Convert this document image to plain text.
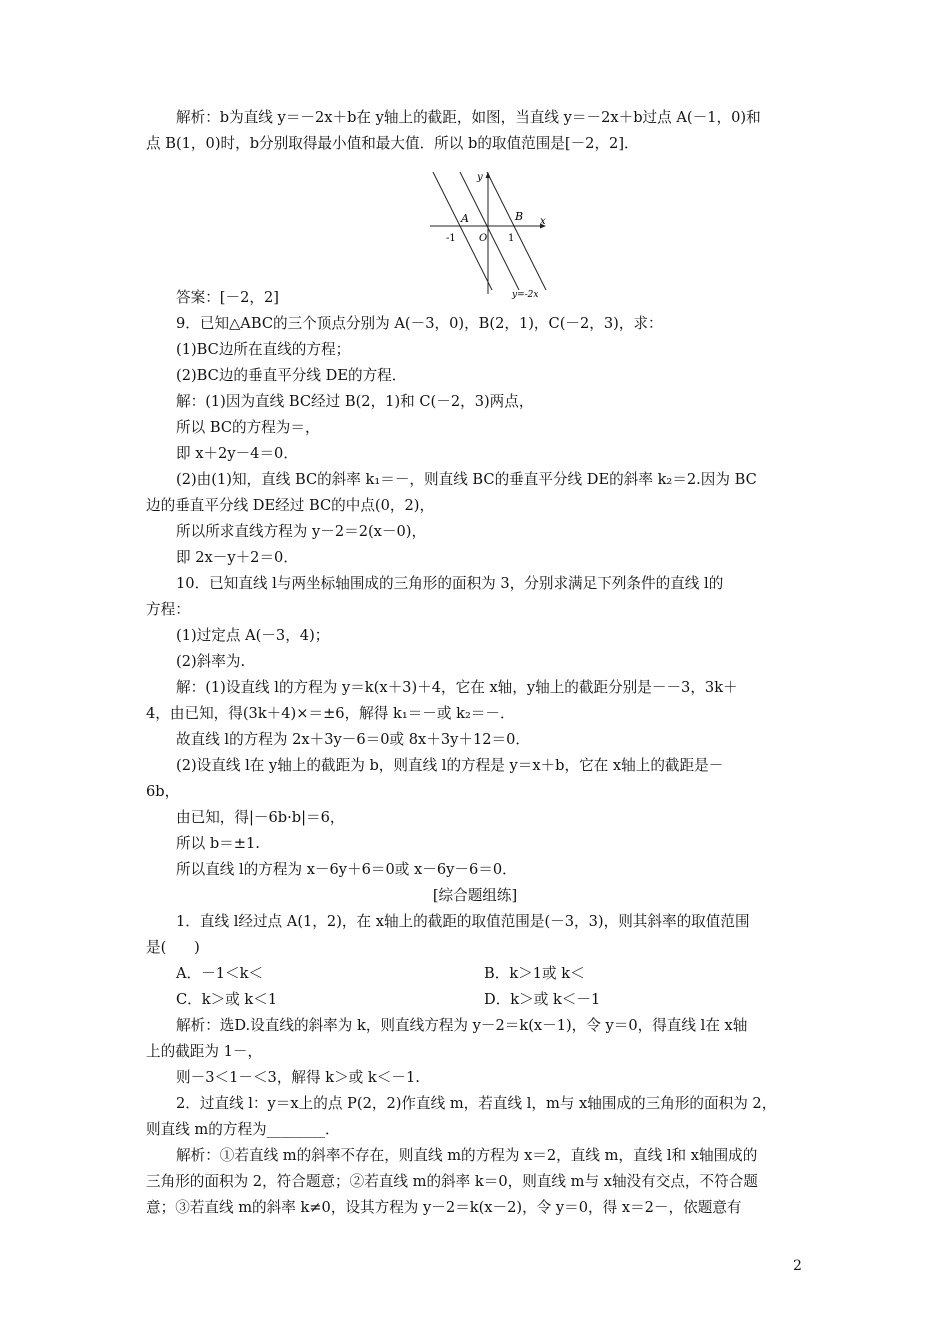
解析：b为直线 y＝－2x＋b在 y轴上的截距，如图，当直线 y＝－2x＋b过点 A(－1，0)和
点 B(1，0)时，b分别取得最小值和最大值．所以 b的取值范围是[－2，2]．
答案：[－2，2]
9．已知△ABC的三个顶点分别为 A(－3，0)，B(2，1)，C(－2，3)，求：
(1)BC边所在直线的方程；
(2)BC边的垂直平分线 DE的方程．
解：(1)因为直线 BC经过 B(2，1)和 C(－2，3)两点，
所以 BC的方程为＝，
即 x＋2y－4＝0．
(2)由(1)知，直线 BC的斜率 k₁＝－，则直线 BC的垂直平分线 DE的斜率 k₂＝2.因为 BC
边的垂直平分线 DE经过 BC的中点(0，2)，
所以所求直线方程为 y－2＝2(x－0)，
即 2x－y＋2＝0．
10．已知直线 l与两坐标轴围成的三角形的面积为 3，分别求满足下列条件的直线 l的
方程：
(1)过定点 A(－3，4)；
(2)斜率为.
解：(1)设直线 l的方程为 y＝k(x＋3)＋4，它在 x轴，y轴上的截距分别是－－3，3k＋
4，由已知，得(3k＋4)×＝±6，解得 k₁＝－或 k₂＝－．
故直线 l的方程为 2x＋3y－6＝0或 8x＋3y＋12＝0．
(2)设直线 l在 y轴上的截距为 b，则直线 l的方程是 y＝x＋b，它在 x轴上的截距是－
6b，
由已知，得|－6b·b|＝6，
所以 b＝±1.
所以直线 l的方程为 x－6y＋6＝0或 x－6y－6＝0．
[综合题组练]
1．直线 l经过点 A(1，2)，在 x轴上的截距的取值范围是(－3，3)，则其斜率的取值范围
是(      )
A．－1＜k＜	B．k＞1或 k＜
C．k＞或 k＜1	D．k＞或 k＜－1
解析：选D.设直线的斜率为 k，则直线方程为 y－2＝k(x－1)，令 y＝0，得直线 l在 x轴
上的截距为 1－，
则－3＜1－＜3，解得 k＞或 k＜－1.
2．过直线 l：y＝x上的点 P(2，2)作直线 m，若直线 l，m与 x轴围成的三角形的面积为 2，
则直线 m的方程为________．
解析：①若直线 m的斜率不存在，则直线 m的方程为 x＝2，直线 m，直线 l和 x轴围成的
三角形的面积为 2，符合题意；②若直线 m的斜率 k＝0，则直线 m与 x轴没有交点，不符合题
意；③若直线 m的斜率 k≠0，设其方程为 y－2＝k(x－2)，令 y＝0，得 x＝2－，依题意有
y
x
A	B
O
-1	1
y=-2x
2
